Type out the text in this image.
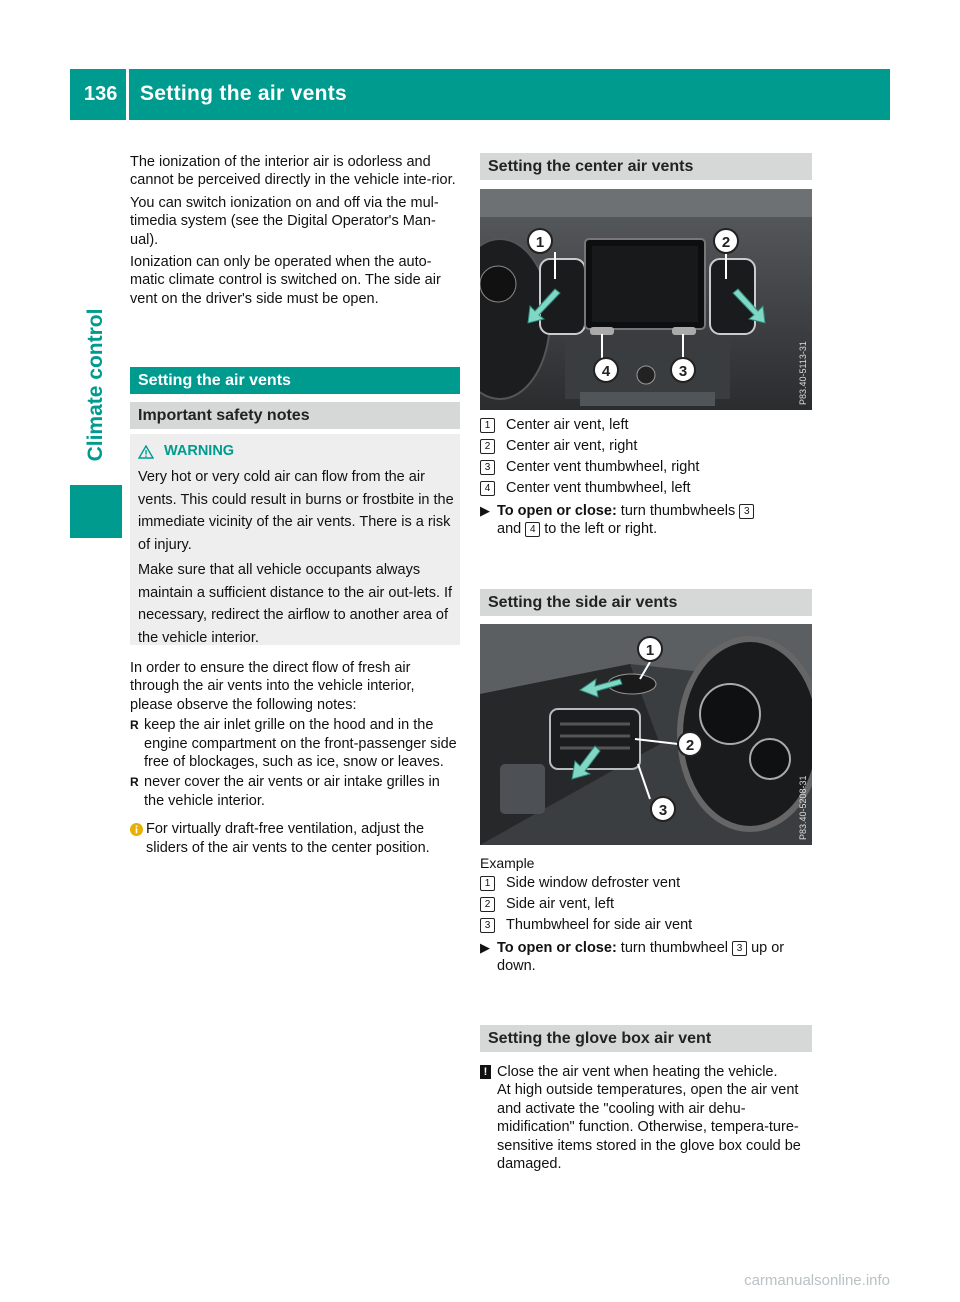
136 Setting the air vents
Climate control

The ionization of the interior air is odorless and cannot be perceived directly in the vehicle inte-rior.

You can switch ionization on and off via the mul-timedia system (see the Digital Operator's Man-ual).

Ionization can only be operated when the auto-matic climate control is switched on. The side air vent on the driver's side must be open.

Setting the air vents
Important safety notes
WARNING

Very hot or very cold air can flow from the air vents. This could result in burns or frostbite in the immediate vicinity of the air vents. There is a risk of injury.

Make sure that all vehicle occupants always maintain a sufficient distance to the air out-lets. If necessary, redirect the airflow to another area of the vehicle interior.

In order to ensure the direct flow of fresh air through the air vents into the vehicle interior, please observe the following notes:

R keep the air inlet grille on the hood and in the engine compartment on the front-passenger side free of blockages, such as ice, snow or leaves.
R never cover the air vents or air intake grilles in the vehicle interior.
For virtually draft-free ventilation, adjust the sliders of the air vents to the center position.
Setting the center air vents
1	2
4	3	P83.40-5113-31
1	Center air vent, left
2	Center air vent, right
3	Center vent thumbwheel, right
4	Center vent thumbwheel, left
▶ To open or close: turn thumbwheels 3
and 4 to the left or right.
Setting the side air vents
1
2
3	P83.40-5208-31
Example
1	Side window defroster vent
2	Side air vent, left
3	Thumbwheel for side air vent
▶ To open or close: turn thumbwheel 3 up or down.
Setting the glove box air vent
! Close the air vent when heating the vehicle.
At high outside temperatures, open the air vent and activate the "cooling with air dehu-midification" function. Otherwise, tempera-ture-sensitive items stored in the glove box could be damaged.
carmanualsonline.info
